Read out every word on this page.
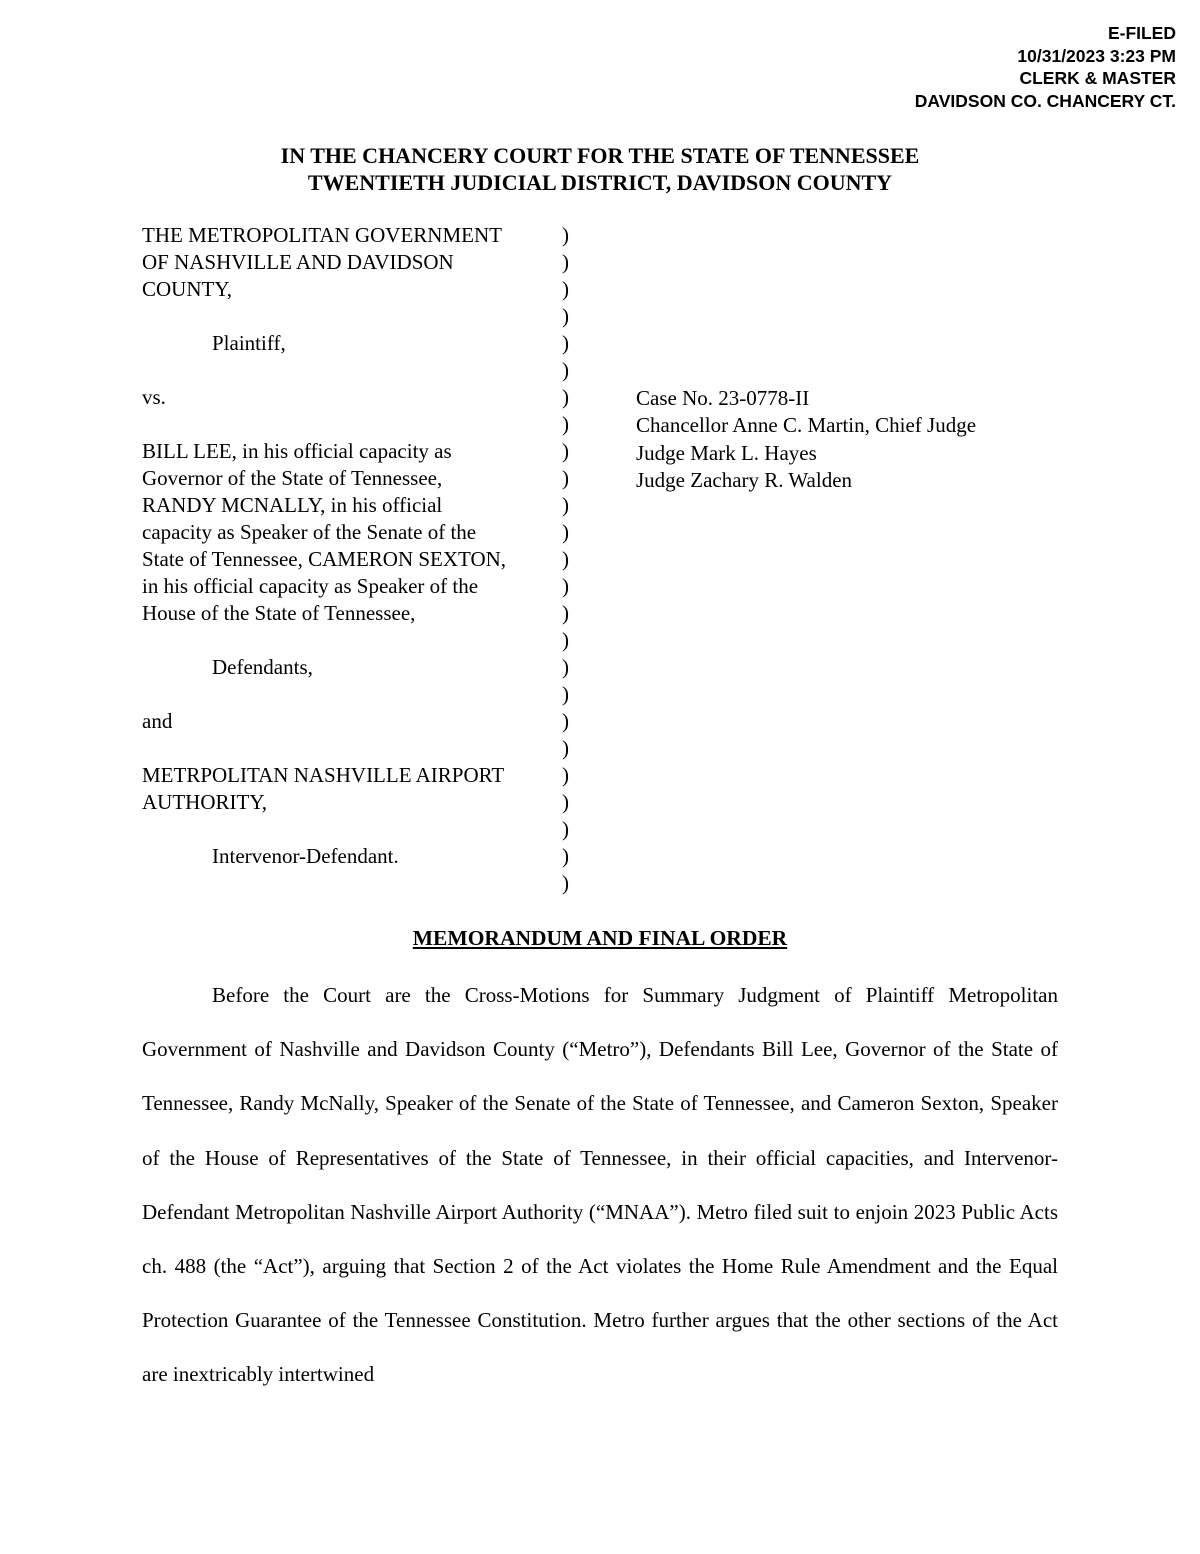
E-FILED
10/31/2023 3:23 PM
CLERK & MASTER
DAVIDSON CO. CHANCERY CT.
IN THE CHANCERY COURT FOR THE STATE OF TENNESSEE
TWENTIETH JUDICIAL DISTRICT, DAVIDSON COUNTY
THE METROPOLITAN GOVERNMENT
OF NASHVILLE AND DAVIDSON
COUNTY,
Plaintiff,
vs.
BILL LEE, in his official capacity as
Governor of the State of Tennessee,
RANDY MCNALLY, in his official
capacity as Speaker of the Senate of the
State of Tennessee, CAMERON SEXTON,
in his official capacity as Speaker of the
House of the State of Tennessee,
Defendants,
and
METRPOLITAN NASHVILLE AIRPORT
AUTHORITY,
Intervenor-Defendant.
)
)
)
)
)
)
)
)
)
)
)
)
)
)
)
)
)
)
)
)
)
)
)
)
)
Case No. 23-0778-II
Chancellor Anne C. Martin, Chief Judge
Judge Mark L. Hayes
Judge Zachary R. Walden
MEMORANDUM AND FINAL ORDER

Before the Court are the Cross-Motions for Summary Judgment of Plaintiff Metropolitan Government of Nashville and Davidson County (“Metro”), Defendants Bill Lee, Governor of the State of Tennessee, Randy McNally, Speaker of the Senate of the State of Tennessee, and Cameron Sexton, Speaker of the House of Representatives of the State of Tennessee, in their official capacities, and Intervenor-Defendant Metropolitan Nashville Airport Authority (“MNAA”). Metro filed suit to enjoin 2023 Public Acts ch. 488 (the “Act”), arguing that Section 2 of the Act violates the Home Rule Amendment and the Equal Protection Guarantee of the Tennessee Constitution. Metro further argues that the other sections of the Act are inextricably intertwined
